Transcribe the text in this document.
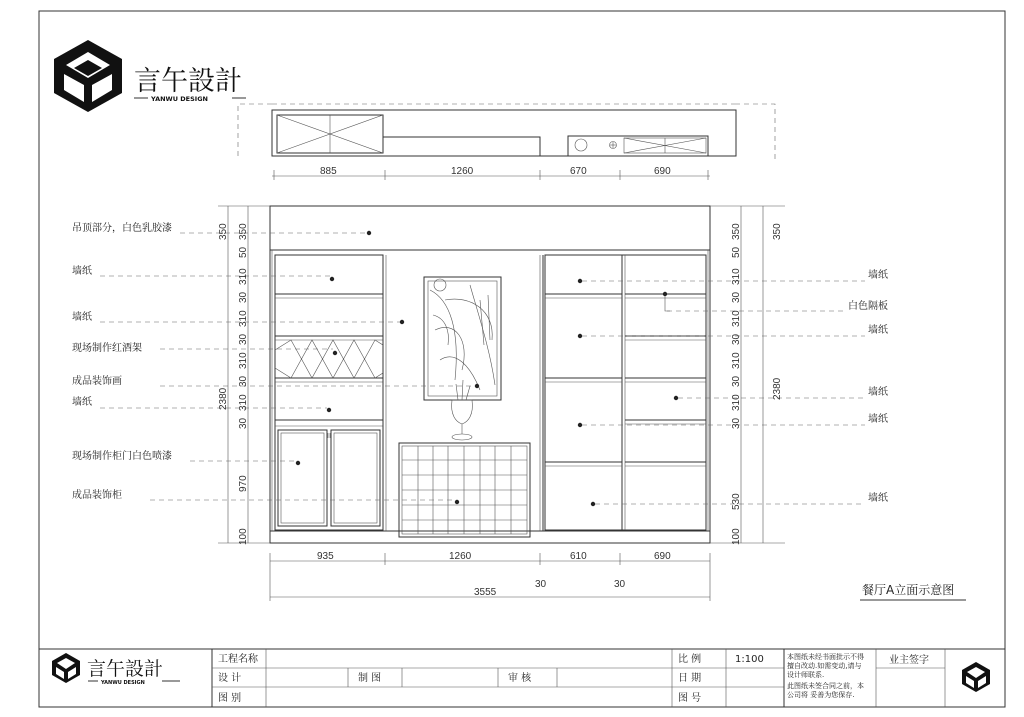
言午設計
YANWU DESIGN
885	1260	670	690
吊顶部分，白色乳胶漆
墙纸
墙纸
现场制作红酒架
成品装饰画
墙纸
现场制作柜门白色喷漆
成品装饰柜
墙纸
白色隔板
墙纸
墙纸
墙纸
墙纸
350
50
310
30
310
30
310
30
310
30
970
100
350
2380
350
50
310
30
310
30
310
30
310
30
530
100
350
2380
935	1260	610	690
30	30
3555	餐厅A立面示意图
言午設計
YANWU DESIGN
工程名称
设 计
图 别
制 图	审 核
比 例	1:100
日 期
图 号
本图纸未经书面批示不得
擅自改动.如需变动,请与
设计师联系.
此图纸未签合同之前，本
公司将 妥善为您保存.
业主签字
